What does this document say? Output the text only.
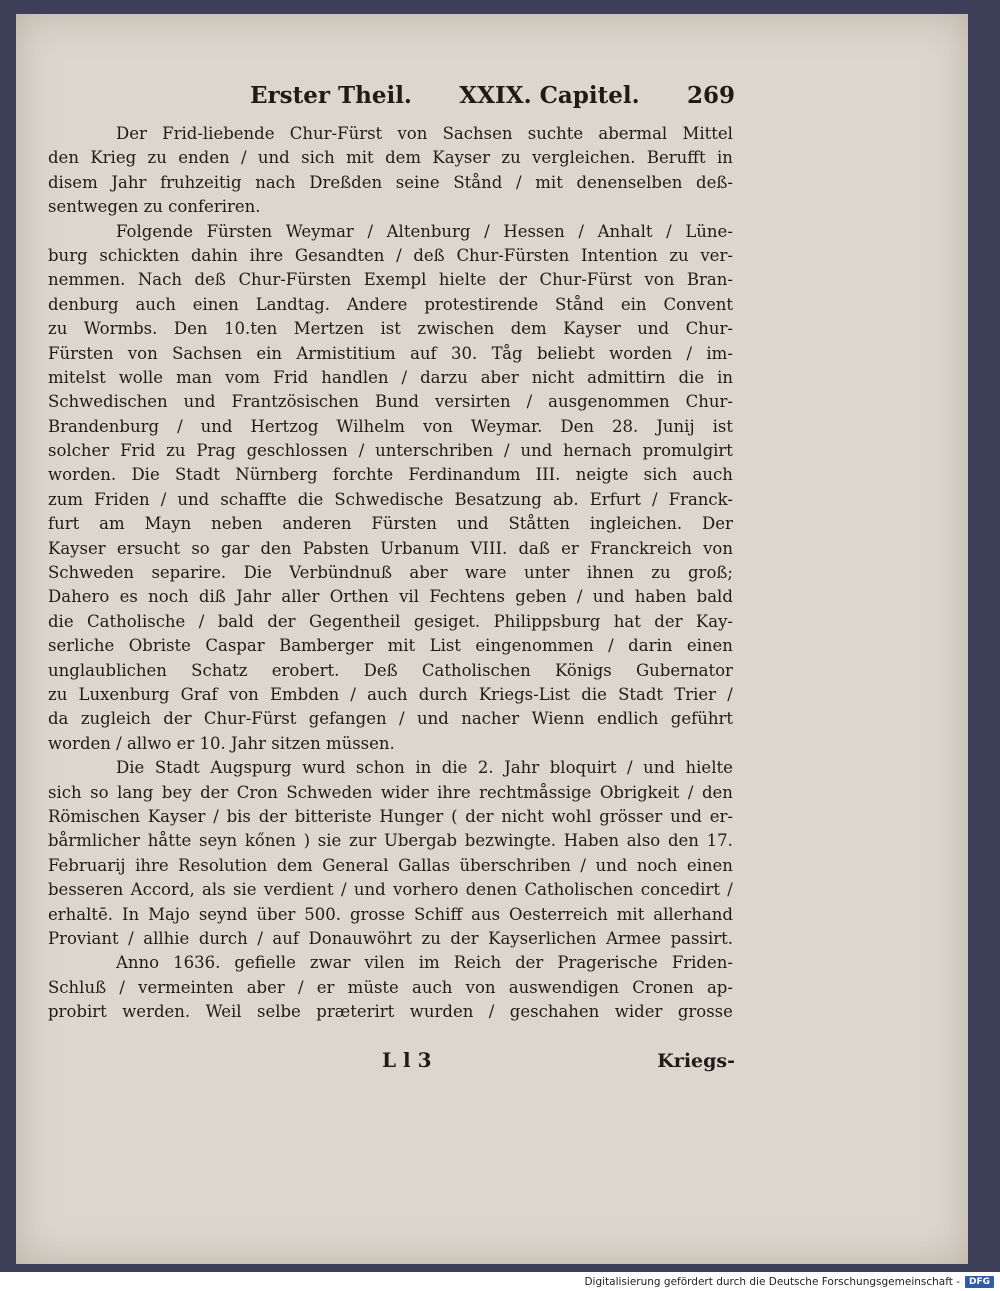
Erster Theil. XXIX. Capitel. 269
Der Frid-liebende Chur-Fürst von Sachsen suchte abermal Mittel
den Krieg zu enden / und sich mit dem Kayser zu vergleichen. Berufft in
disem Jahr fruhzeitig nach Dreßden seine Stånd / mit denenselben deß-
sentwegen zu conferiren.
Folgende Fürsten Weymar / Altenburg / Hessen / Anhalt / Lüne-
burg schickten dahin ihre Gesandten / deß Chur-Fürsten Intention zu ver-
nemmen. Nach deß Chur-Fürsten Exempl hielte der Chur-Fürst von Bran-
denburg auch einen Landtag. Andere protestirende Stånd ein Convent
zu Wormbs. Den 10.ten Mertzen ist zwischen dem Kayser und Chur-
Fürsten von Sachsen ein Armistitium auf 30. Tåg beliebt worden / im-
mitelst wolle man vom Frid handlen / darzu aber nicht admittirn die in
Schwedischen und Frantzösischen Bund versirten / ausgenommen Chur-
Brandenburg / und Hertzog Wilhelm von Weymar. Den 28. Junij ist
solcher Frid zu Prag geschlossen / unterschriben / und hernach promulgirt
worden. Die Stadt Nürnberg forchte Ferdinandum III. neigte sich auch
zum Friden / und schaffte die Schwedische Besatzung ab. Erfurt / Franck-
furt am Mayn neben anderen Fürsten und Ståtten ingleichen. Der
Kayser ersucht so gar den Pabsten Urbanum VIII. daß er Franckreich von
Schweden separire. Die Verbündnuß aber ware unter ihnen zu groß;
Dahero es noch diß Jahr aller Orthen vil Fechtens geben / und haben bald
die Catholische / bald der Gegentheil gesiget. Philippsburg hat der Kay-
serliche Obriste Caspar Bamberger mit List eingenommen / darin einen
unglaublichen Schatz erobert. Deß Catholischen Königs Gubernator
zu Luxenburg Graf von Embden / auch durch Kriegs-List die Stadt Trier /
da zugleich der Chur-Fürst gefangen / und nacher Wienn endlich geführt
worden / allwo er 10. Jahr sitzen müssen.
Die Stadt Augspurg wurd schon in die 2. Jahr bloquirt / und hielte
sich so lang bey der Cron Schweden wider ihre rechtmåssige Obrigkeit / den
Römischen Kayser / bis der bitteriste Hunger ( der nicht wohl grösser und er-
bårmlicher håtte seyn kőnen ) sie zur Ubergab bezwingte. Haben also den 17.
Februarij ihre Resolution dem General Gallas überschriben / und noch einen
besseren Accord, als sie verdient / und vorhero denen Catholischen concedirt /
erhaltē. In Majo seynd über 500. grosse Schiff aus Oesterreich mit allerhand
Proviant / allhie durch / auf Donauwöhrt zu der Kayserlichen Armee passirt.
Anno 1636. gefielle zwar vilen im Reich der Pragerische Friden-
Schluß / vermeinten aber / er müste auch von auswendigen Cronen ap-
probirt werden. Weil selbe præterirt wurden / geschahen wider grosse
L l 3	Kriegs-
Digitalisierung gefördert durch die Deutsche Forschungsgemeinschaft -	DFG
